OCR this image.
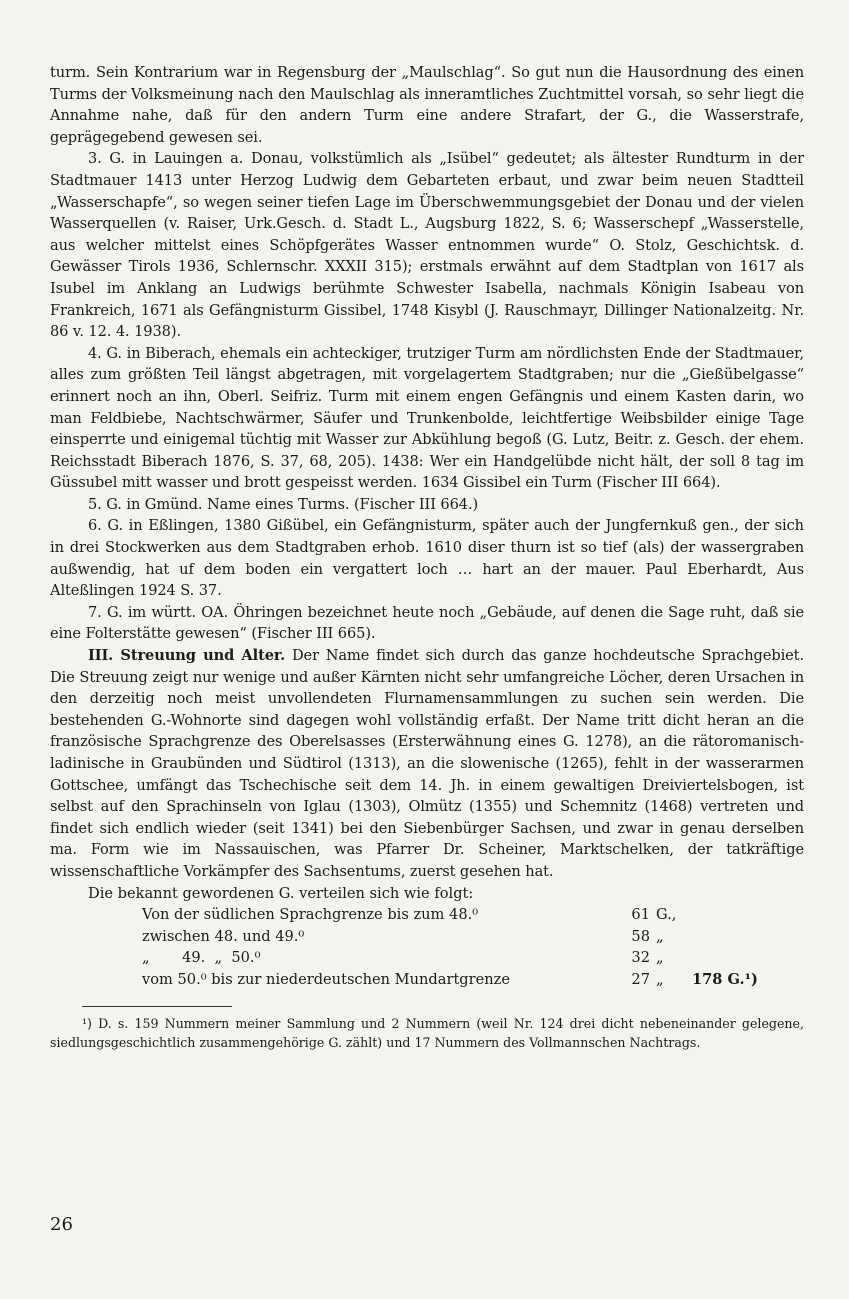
turm. Sein Kontrarium war in Regensburg der „Maulschlag“. So gut nun die Hausordnung des einen Turms der Volksmeinung nach den Maulschlag als inneramtliches Zuchtmittel vorsah, so sehr liegt die Annahme nahe, daß für den andern Turm eine andere Strafart, der G., die Wasserstrafe, geprägegebend gewesen sei.

3. G. in Lauingen a. Donau, volkstümlich als „Isübel“ gedeutet; als ältester Rundturm in der Stadtmauer 1413 unter Herzog Ludwig dem Gebarteten erbaut, und zwar beim neuen Stadtteil „Wasserschapfe“, so wegen seiner tiefen Lage im Überschwemmungsgebiet der Donau und der vielen Wasserquellen (v. Raiser, Urk.Gesch. d. Stadt L., Augsburg 1822, S. 6; Wasserschepf „Wasserstelle, aus welcher mittelst eines Schöpfgerätes Wasser entnommen wurde“ O. Stolz, Geschichtsk. d. Gewässer Tirols 1936, Schlernschr. XXXII 315); erstmals erwähnt auf dem Stadtplan von 1617 als Isubel im Anklang an Ludwigs berühmte Schwester Isabella, nachmals Königin Isabeau von Frankreich, 1671 als Gefängnisturm Gissibel, 1748 Kisybl (J. Rauschmayr, Dillinger Nationalzeitg. Nr. 86 v. 12. 4. 1938).

4. G. in Biberach, ehemals ein achteckiger, trutziger Turm am nördlichsten Ende der Stadtmauer, alles zum größten Teil längst abgetragen, mit vorgelagertem Stadtgraben; nur die „Gießübelgasse“ erinnert noch an ihn, Oberl. Seifriz. Turm mit einem engen Gefängnis und einem Kasten darin, wo man Feldbiebe, Nachtschwärmer, Säufer und Trunkenbolde, leichtfertige Weibsbilder einige Tage einsperrte und einigemal tüchtig mit Wasser zur Abkühlung begoß (G. Lutz, Beitr. z. Gesch. der ehem. Reichsstadt Biberach 1876, S. 37, 68, 205). 1438: Wer ein Handgelübde nicht hält, der soll 8 tag im Güssubel mitt wasser und brott gespeisst werden. 1634 Gissibel ein Turm (Fischer III 664).

5. G. in Gmünd. Name eines Turms. (Fischer III 664.)

6. G. in Eßlingen, 1380 Gißübel, ein Gefängnisturm, später auch der Jungfernkuß gen., der sich in drei Stockwerken aus dem Stadtgraben erhob. 1610 diser thurn ist so tief (als) der wassergraben außwendig, hat uf dem boden ein vergattert loch … hart an der mauer. Paul Eberhardt, Aus Alteßlingen 1924 S. 37.

7. G. im württ. OA. Öhringen bezeichnet heute noch „Gebäude, auf denen die Sage ruht, daß sie eine Folterstätte gewesen“ (Fischer III 665).

III. Streuung und Alter. Der Name findet sich durch das ganze hochdeutsche Sprachgebiet. Die Streuung zeigt nur wenige und außer Kärnten nicht sehr umfangreiche Löcher, deren Ursachen in den derzeitig noch meist unvollendeten Flurnamensammlungen zu suchen sein werden. Die bestehenden G.-Wohnorte sind dagegen wohl vollständig erfaßt. Der Name tritt dicht heran an die französische Sprachgrenze des Oberelsasses (Ersterwähnung eines G. 1278), an die rätoromanisch-ladinische in Graubünden und Südtirol (1313), an die slowenische (1265), fehlt in der wasserarmen Gottschee, umfängt das Tschechische seit dem 14. Jh. in einem gewaltigen Dreiviertelsbogen, ist selbst auf den Sprachinseln von Iglau (1303), Olmütz (1355) und Schemnitz (1468) vertreten und findet sich endlich wieder (seit 1341) bei den Siebenbürger Sachsen, und zwar in genau derselben ma. Form wie im Nassauischen, was Pfarrer Dr. Scheiner, Marktschelken, der tatkräftige wissenschaftliche Vorkämpfer des Sachsentums, zuerst gesehen hat.

Die bekannt gewordenen G. verteilen sich wie folgt:

Von der südlichen Sprachgrenze bis zum 48.⁰	61	G.,	
zwischen 48. und 49.⁰	58	„	
„       49.  „  50.⁰	32	„	
vom 50.⁰ bis zur niederdeutschen Mundartgrenze	27	„	178 G.¹)

¹) D. s. 159 Nummern meiner Sammlung und 2 Nummern (weil Nr. 124 drei dicht nebeneinander gelegene, siedlungsgeschichtlich zusammengehörige G. zählt) und 17 Nummern des Vollmannschen Nachtrags.

26
